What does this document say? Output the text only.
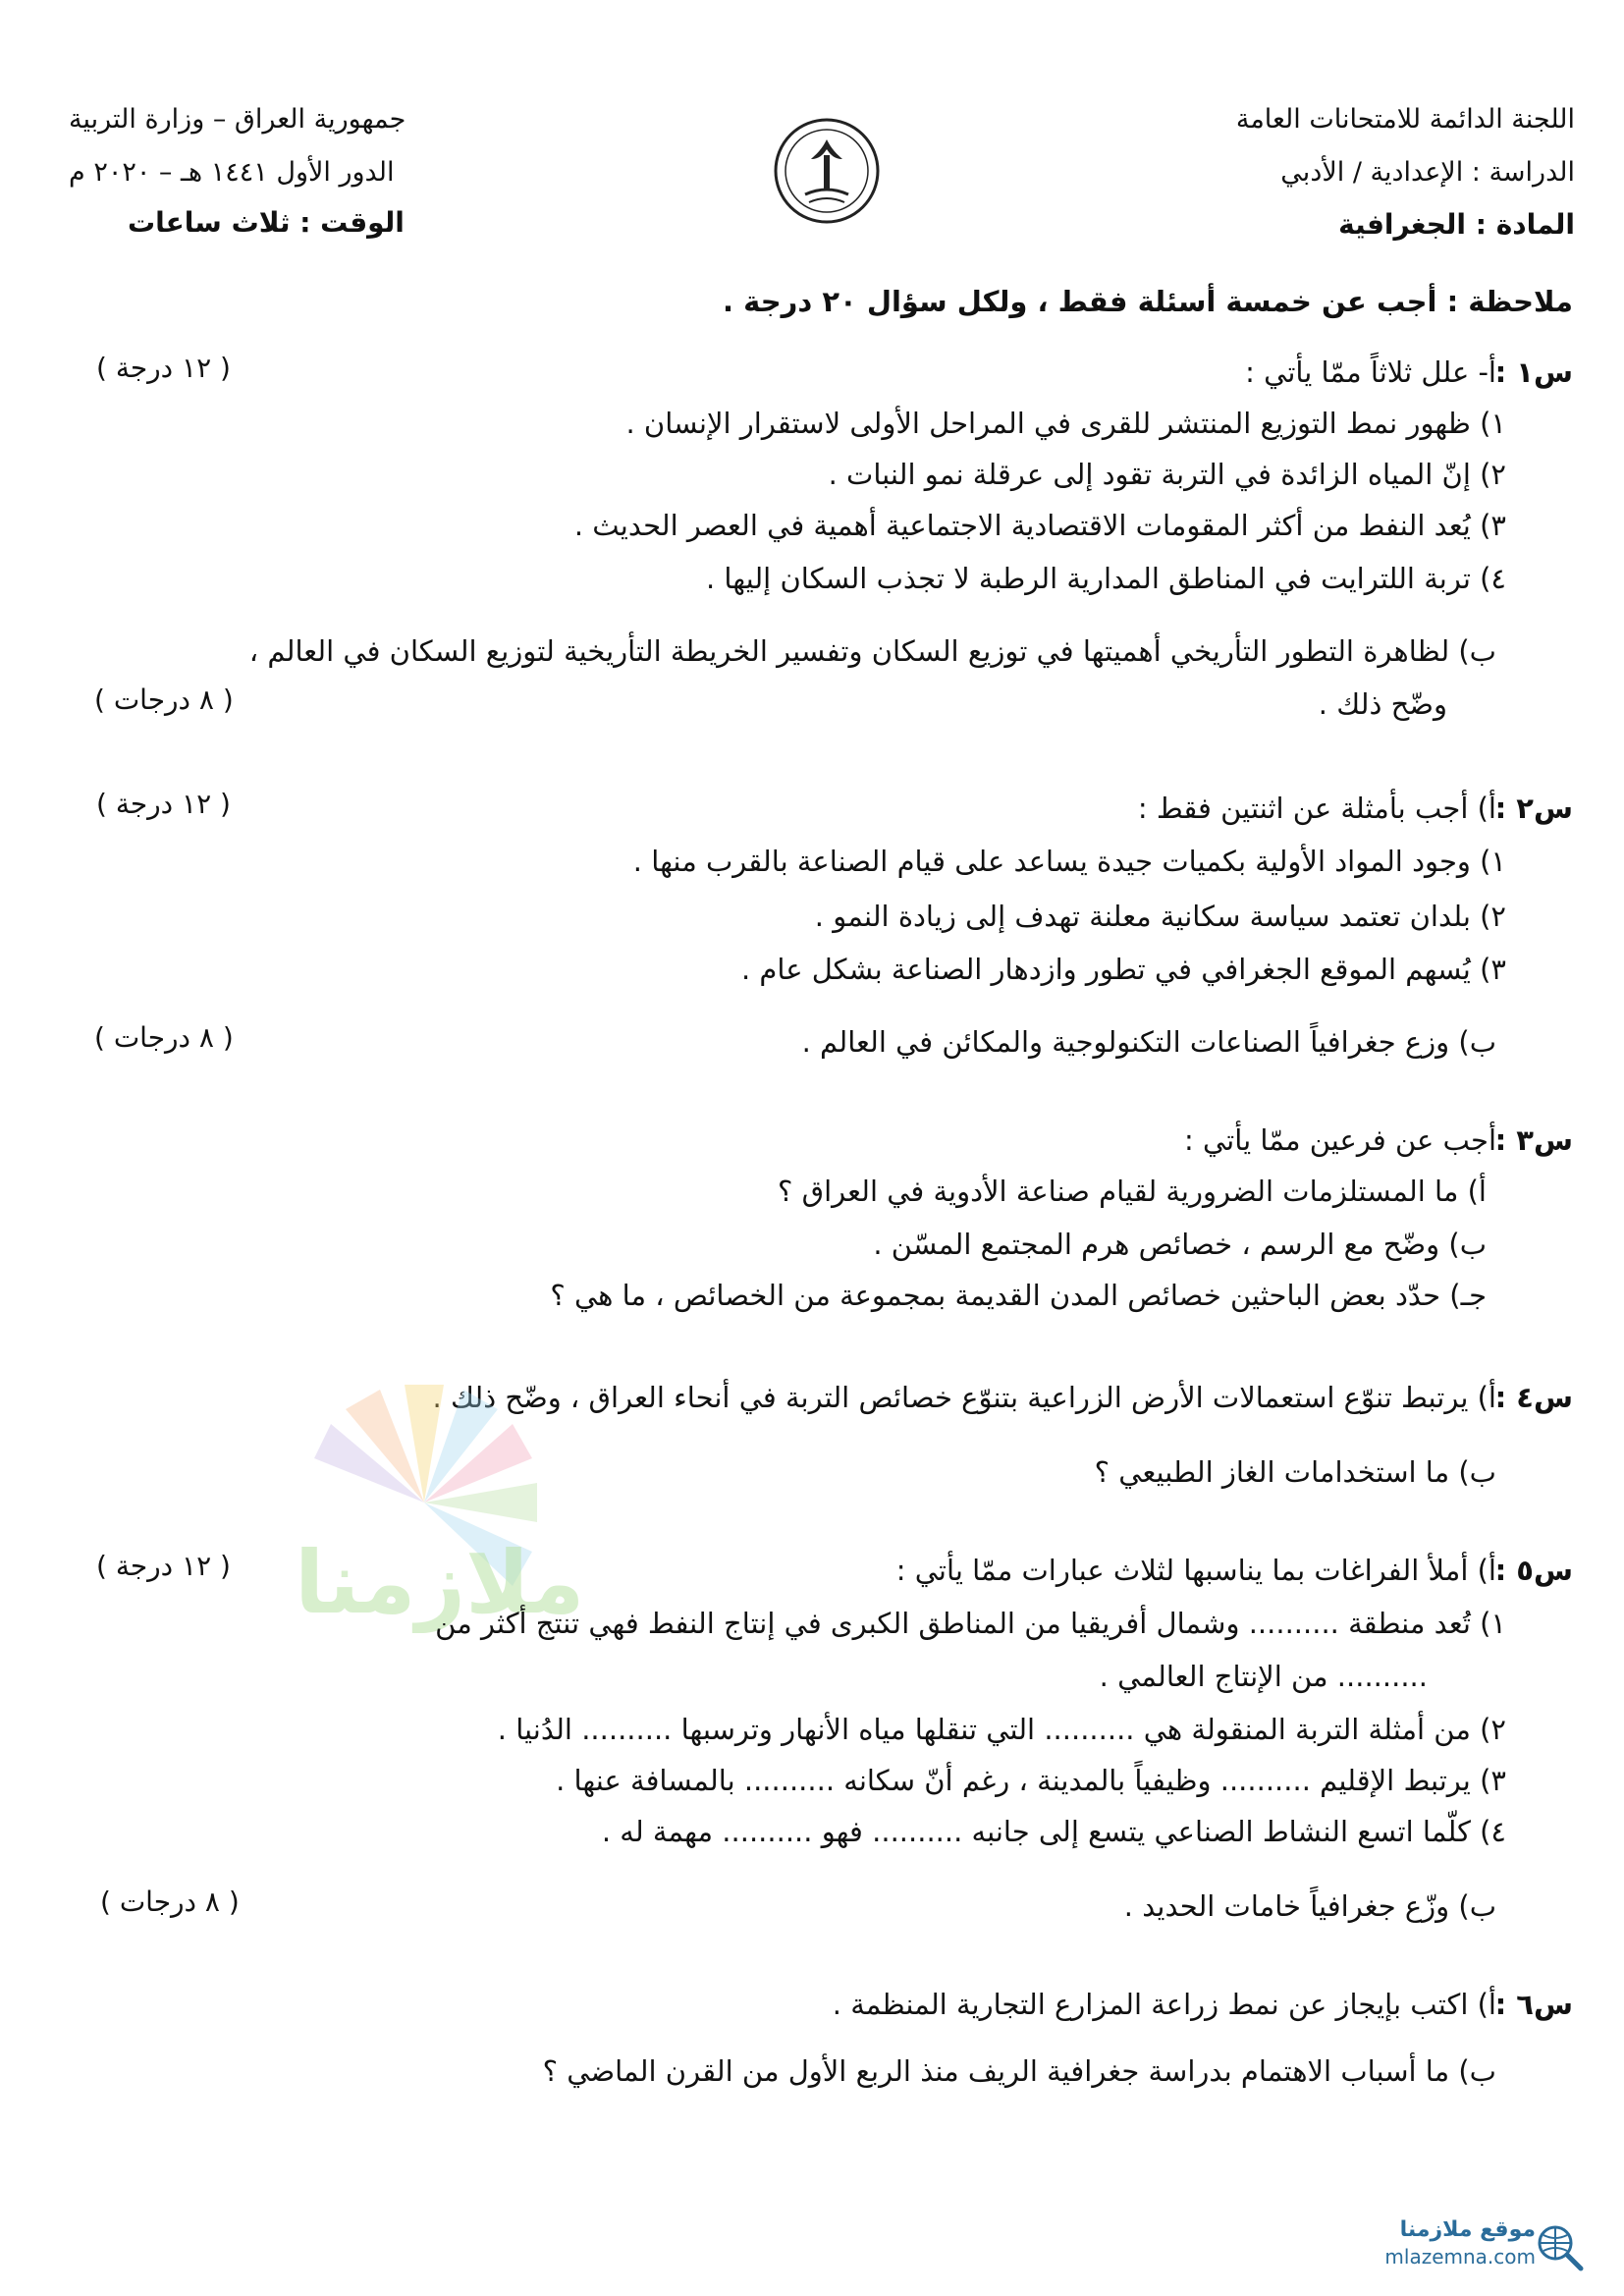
اللجنة الدائمة للامتحانات العامة
الدراسة : الإعدادية / الأدبي
المادة : الجغرافية
جمهورية العراق – وزارة التربية
الدور الأول ١٤٤١ هـ – ٢٠٢٠ م
الوقت : ثلاث ساعات
ملاحظة : أجب عن خمسة أسئلة فقط ، ولكل سؤال ٢٠ درجة .
س١ :
أ- علل ثلاثاً ممّا يأتي :
( ١٢ درجة )
١) ظهور نمط التوزيع المنتشر للقرى في المراحل الأولى لاستقرار الإنسان .
٢) إنّ المياه الزائدة في التربة تقود إلى عرقلة نمو النبات .
٣) يُعد النفط من أكثر المقومات الاقتصادية الاجتماعية أهمية في العصر الحديث .
٤) تربة اللترايت في المناطق المدارية الرطبة لا تجذب السكان إليها .
ب) لظاهرة التطور التأريخي أهميتها في توزيع السكان وتفسير الخريطة التأريخية لتوزيع السكان في العالم ،
وضّح ذلك .
( ٨ درجات )
س٢ :
أ) أجب بأمثلة عن اثنتين فقط :
( ١٢ درجة )
١) وجود المواد الأولية بكميات جيدة يساعد على قيام الصناعة بالقرب منها .
٢) بلدان تعتمد سياسة سكانية معلنة تهدف إلى زيادة النمو .
٣) يُسهم الموقع الجغرافي في تطور وازدهار الصناعة بشكل عام .
ب) وزع جغرافياً الصناعات التكنولوجية والمكائن في العالم .
( ٨ درجات )
س٣ :
أجب عن فرعين ممّا يأتي :
أ) ما المستلزمات الضرورية لقيام صناعة الأدوية في العراق ؟
ب) وضّح مع الرسم ، خصائص هرم المجتمع المسّن .
جـ) حدّد بعض الباحثين خصائص المدن القديمة بمجموعة من الخصائص ، ما هي ؟
س٤ :
أ) يرتبط تنوّع استعمالات الأرض الزراعية بتنوّع خصائص التربة في أنحاء العراق ، وضّح ذلك .
ب) ما استخدامات الغاز الطبيعي ؟
ملازمنا	س٥ :
أ) أملأ الفراغات بما يناسبها لثلاث عبارات ممّا يأتي :
( ١٢ درجة )
١) تُعد منطقة .......... وشمال أفريقيا من المناطق الكبرى في إنتاج النفط فهي تنتج أكثر من
.......... من الإنتاج العالمي .
٢) من أمثلة التربة المنقولة هي .......... التي تنقلها مياه الأنهار وترسبها .......... الدُنيا .
٣) يرتبط الإقليم .......... وظيفياً بالمدينة ، رغم أنّ سكانه .......... بالمسافة عنها .
٤) كلّما اتسع النشاط الصناعي يتسع إلى جانبه .......... فهو .......... مهمة له .
ب) وزّع جغرافياً خامات الحديد .
( ٨ درجات )
س٦ :
أ) اكتب بإيجاز عن نمط زراعة المزارع التجارية المنظمة .
ب) ما أسباب الاهتمام بدراسة جغرافية الريف منذ الربع الأول من القرن الماضي ؟
موقع ملازمنا
mlazemna.com
